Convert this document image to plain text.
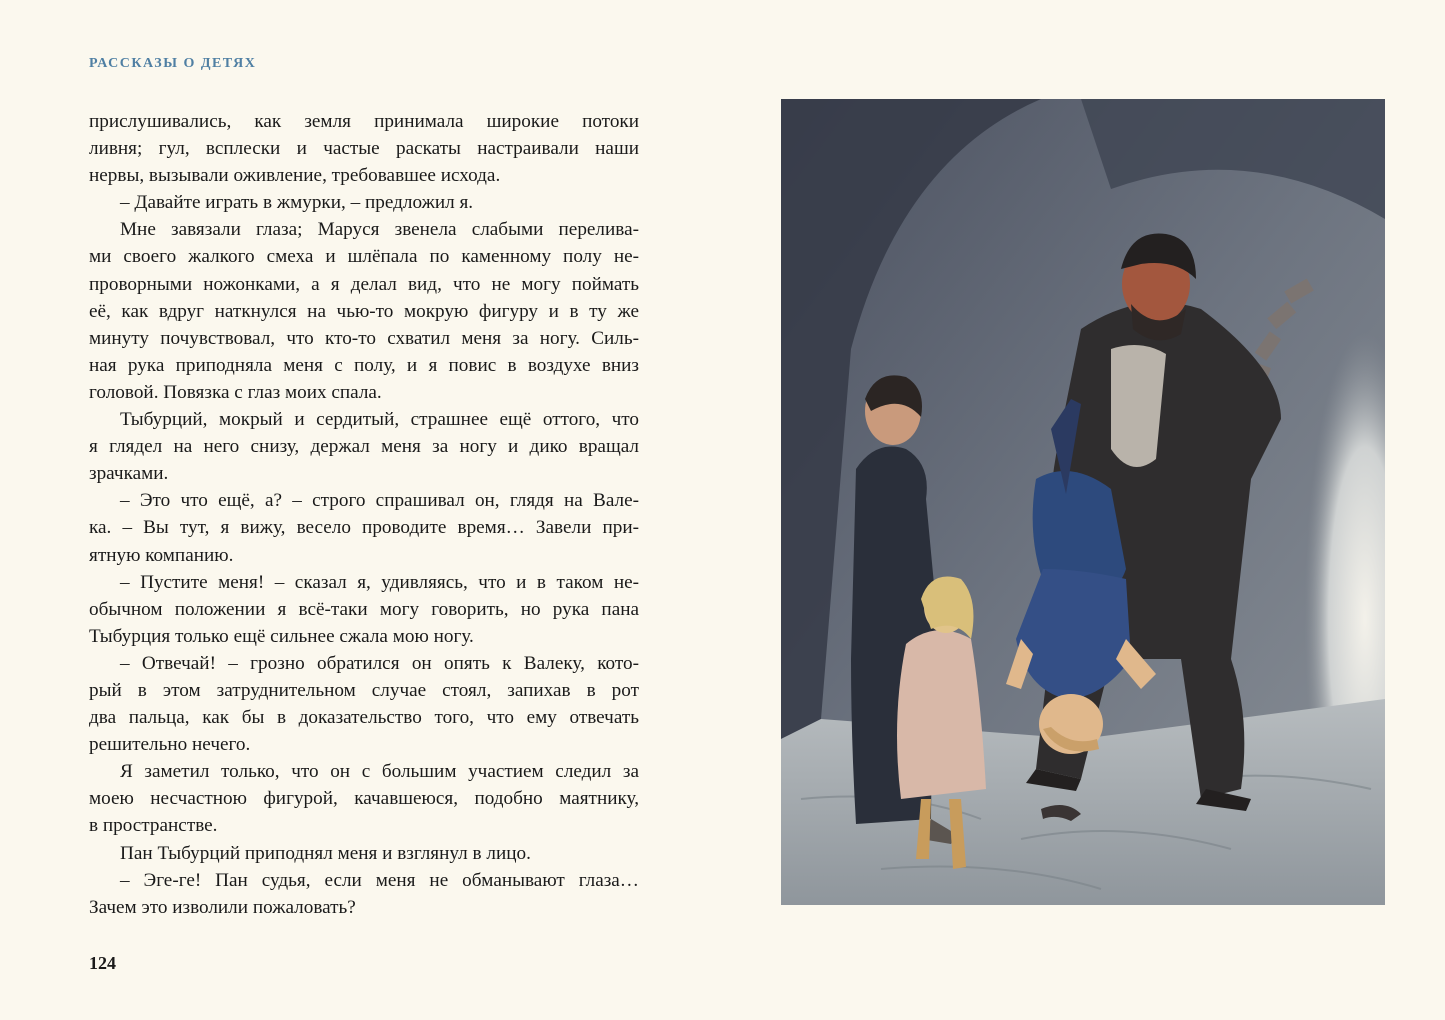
РАССКАЗЫ О ДЕТЯХ
прислушивались, как земля принимала широкие потоки
ливня; гул, всплески и частые раскаты настраивали наши
нервы, вызывали оживление, требовавшее исхода.
– Давайте играть в жмурки, – предложил я.
Мне завязали глаза; Маруся звенела слабыми перелива-
ми своего жалкого смеха и шлёпала по каменному полу не-
проворными ножонками, а я делал вид, что не могу поймать
её, как вдруг наткнулся на чью-то мокрую фигуру и в ту же
минуту почувствовал, что кто-то схватил меня за ногу. Силь-
ная рука приподняла меня с полу, и я повис в воздухе вниз
головой. Повязка с глаз моих спала.
Тыбурций, мокрый и сердитый, страшнее ещё оттого, что
я глядел на него снизу, держал меня за ногу и дико вращал
зрачками.
– Это что ещё, а? – строго спрашивал он, глядя на Вале-
ка. – Вы тут, я вижу, весело проводите время… Завели при-
ятную компанию.
– Пустите меня! – сказал я, удивляясь, что и в таком не-
обычном положении я всё-таки могу говорить, но рука пана
Тыбурция только ещё сильнее сжала мою ногу.
– Отвечай! – грозно обратился он опять к Валеку, кото-
рый в этом затруднительном случае стоял, запихав в рот
два пальца, как бы в доказательство того, что ему отвечать
решительно нечего.
Я заметил только, что он с большим участием следил за
моею несчастною фигурой, качавшеюся, подобно маятнику,
в пространстве.
Пан Тыбурций приподнял меня и взглянул в лицо.
– Эге-ге! Пан судья, если меня не обманывают глаза…
Зачем это изволили пожаловать?
124
